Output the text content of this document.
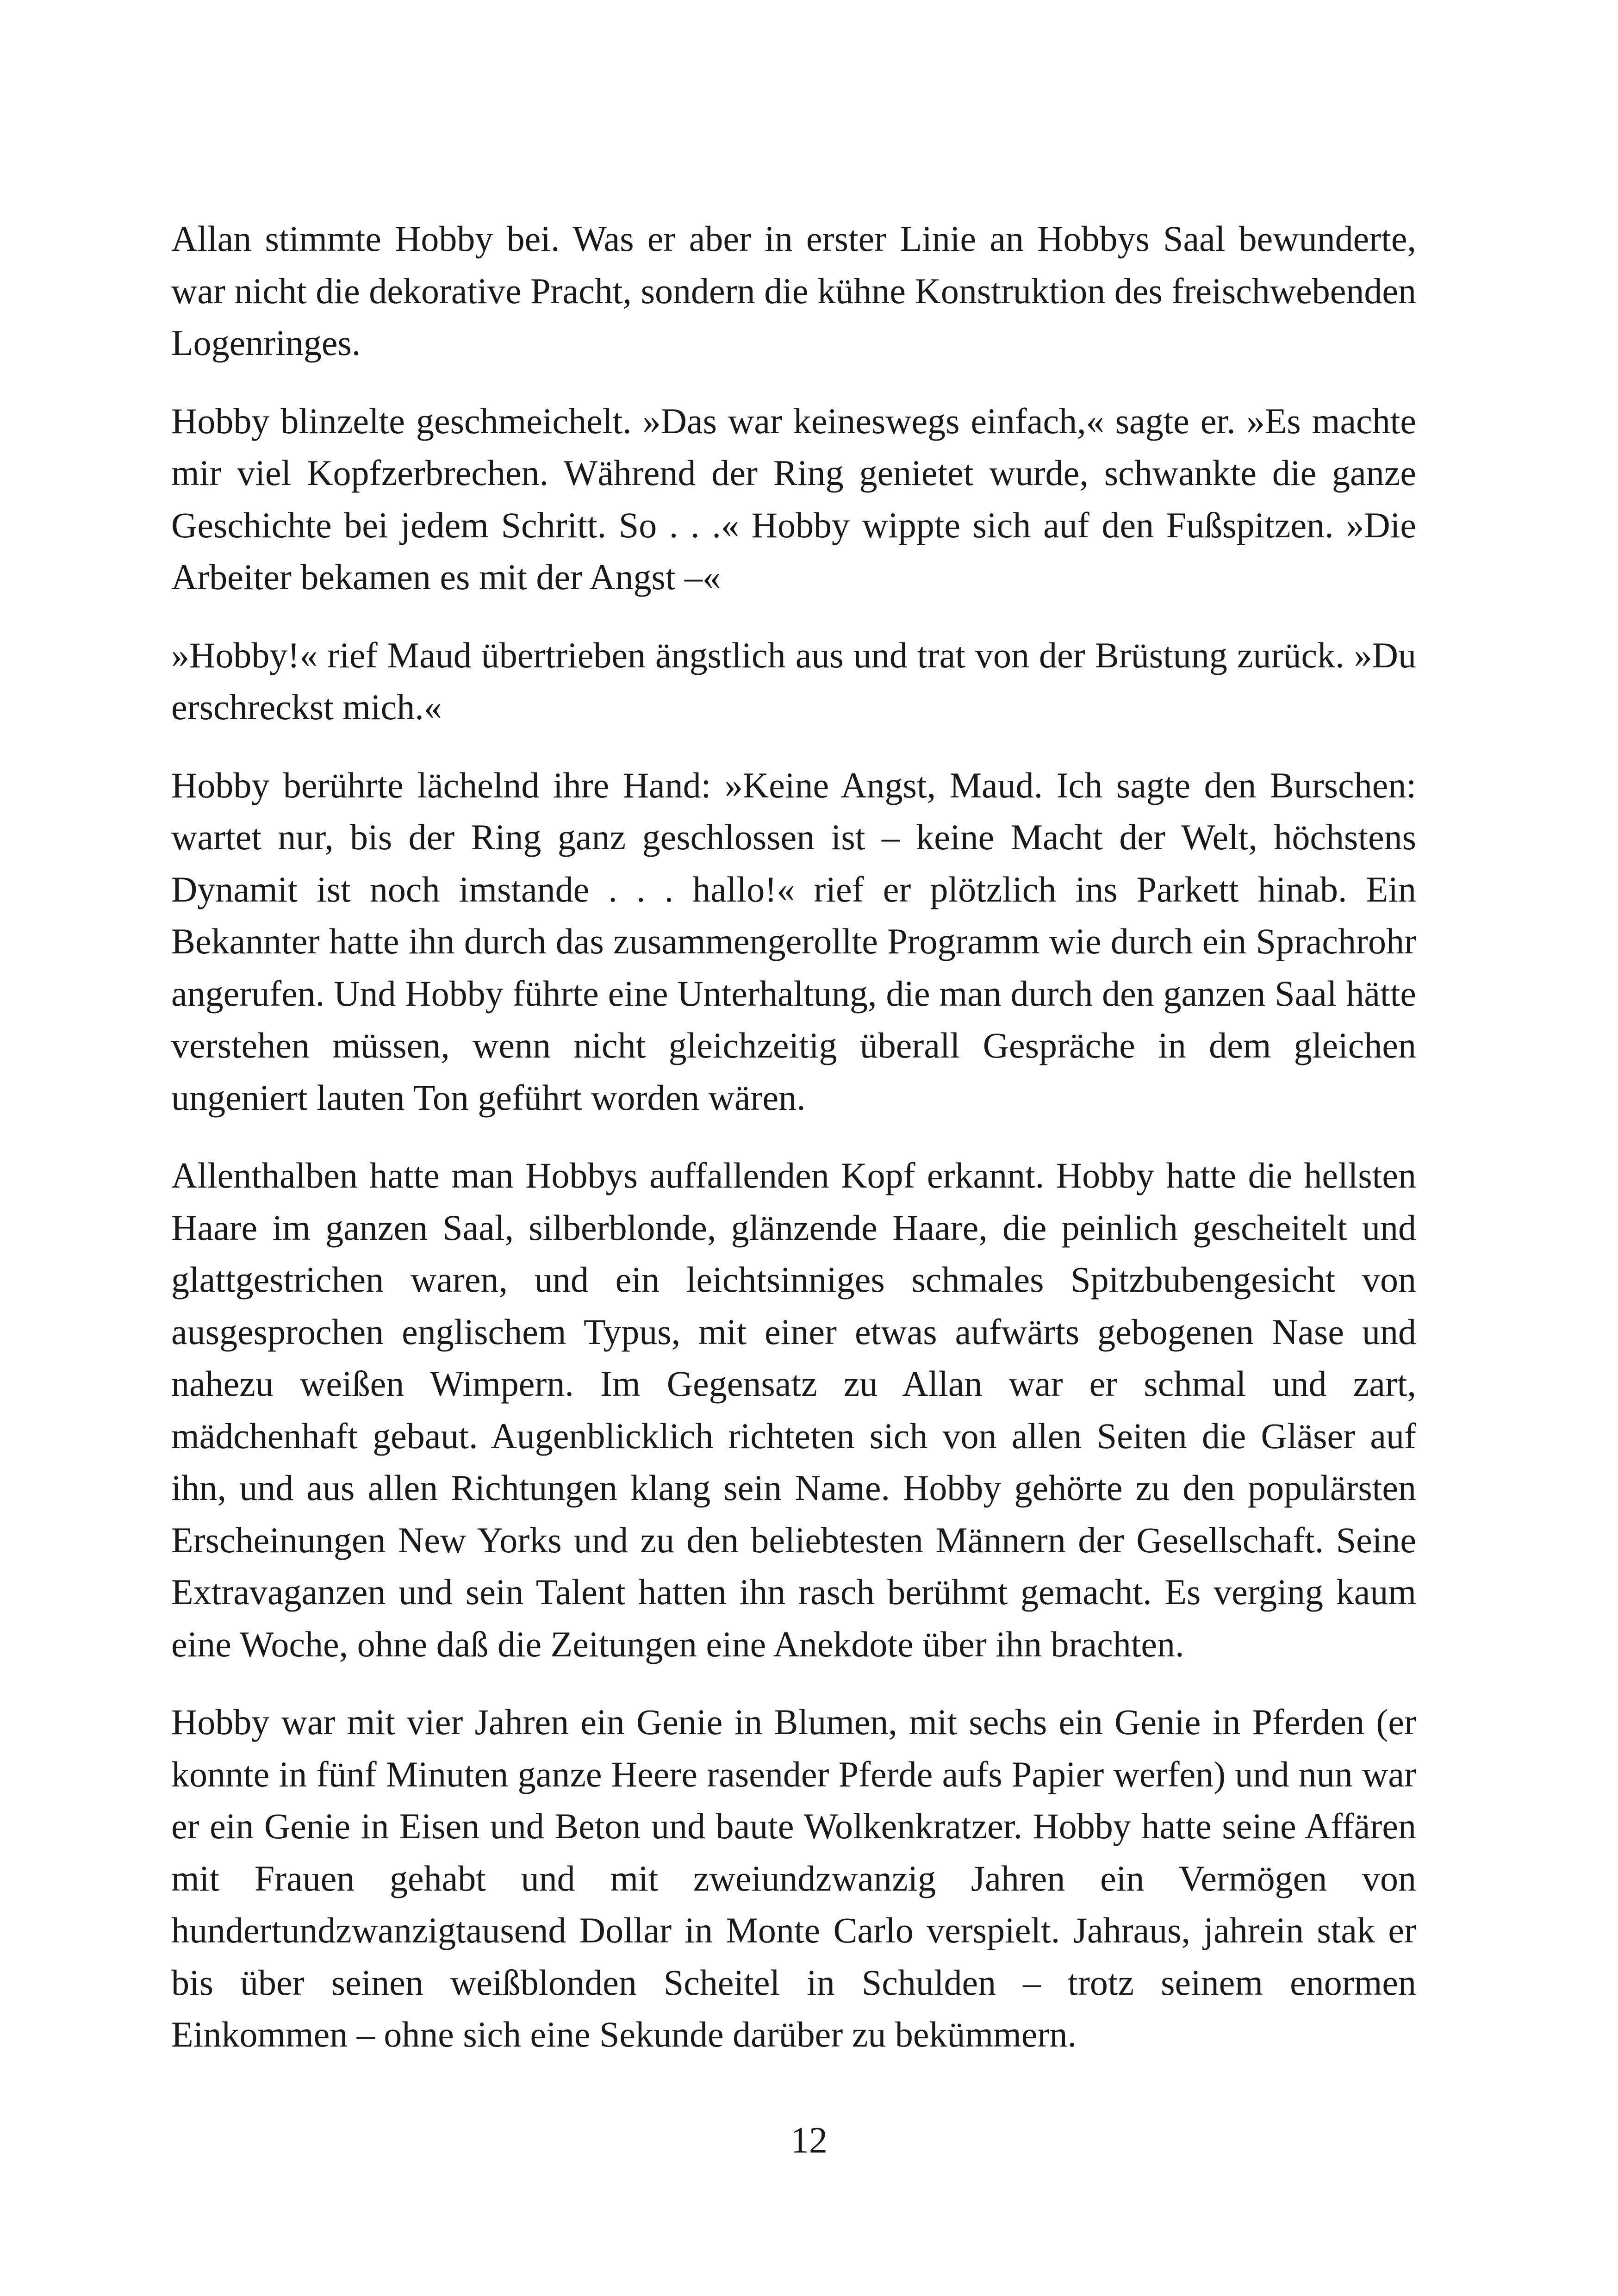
Allan stimmte Hobby bei. Was er aber in erster Linie an Hobbys Saal bewunderte, war nicht die dekorative Pracht, sondern die kühne Konstruktion des freischwebenden Logenringes.

Hobby blinzelte geschmeichelt. »Das war keineswegs einfach,« sagte er. »Es machte mir viel Kopfzerbrechen. Während der Ring genietet wurde, schwankte die ganze Geschichte bei jedem Schritt. So . . .« Hobby wippte sich auf den Fußspitzen. »Die Arbeiter bekamen es mit der Angst –«

»Hobby!« rief Maud übertrieben ängstlich aus und trat von der Brüstung zurück. »Du erschreckst mich.«

Hobby berührte lächelnd ihre Hand: »Keine Angst, Maud. Ich sagte den Burschen: wartet nur, bis der Ring ganz geschlossen ist – keine Macht der Welt, höchstens Dynamit ist noch imstande . . . hallo!« rief er plötzlich ins Parkett hinab. Ein Bekannter hatte ihn durch das zusammengerollte Programm wie durch ein Sprachrohr angerufen. Und Hobby führte eine Unterhaltung, die man durch den ganzen Saal hätte verstehen müssen, wenn nicht gleichzeitig überall Gespräche in dem gleichen ungeniert lauten Ton geführt worden wären.

Allenthalben hatte man Hobbys auffallenden Kopf erkannt. Hobby hatte die hellsten Haare im ganzen Saal, silberblonde, glänzende Haare, die peinlich gescheitelt und glattgestrichen waren, und ein leichtsinniges schmales Spitzbubengesicht von ausgesprochen englischem Typus, mit einer etwas aufwärts gebogenen Nase und nahezu weißen Wimpern. Im Gegensatz zu Allan war er schmal und zart, mädchenhaft gebaut. Augenblicklich richteten sich von allen Seiten die Gläser auf ihn, und aus allen Richtungen klang sein Name. Hobby gehörte zu den populärsten Erscheinungen New Yorks und zu den beliebtesten Männern der Gesellschaft. Seine Extravaganzen und sein Talent hatten ihn rasch berühmt gemacht. Es verging kaum eine Woche, ohne daß die Zeitungen eine Anekdote über ihn brachten.

Hobby war mit vier Jahren ein Genie in Blumen, mit sechs ein Genie in Pferden (er konnte in fünf Minuten ganze Heere rasender Pferde aufs Papier werfen) und nun war er ein Genie in Eisen und Beton und baute Wolkenkratzer. Hobby hatte seine Affären mit Frauen gehabt und mit zweiundzwanzig Jahren ein Vermögen von hundertundzwanzigtausend Dollar in Monte Carlo verspielt. Jahraus, jahrein stak er bis über seinen weißblonden Scheitel in Schulden – trotz seinem enormen Einkommen – ohne sich eine Sekunde darüber zu bekümmern.

12
